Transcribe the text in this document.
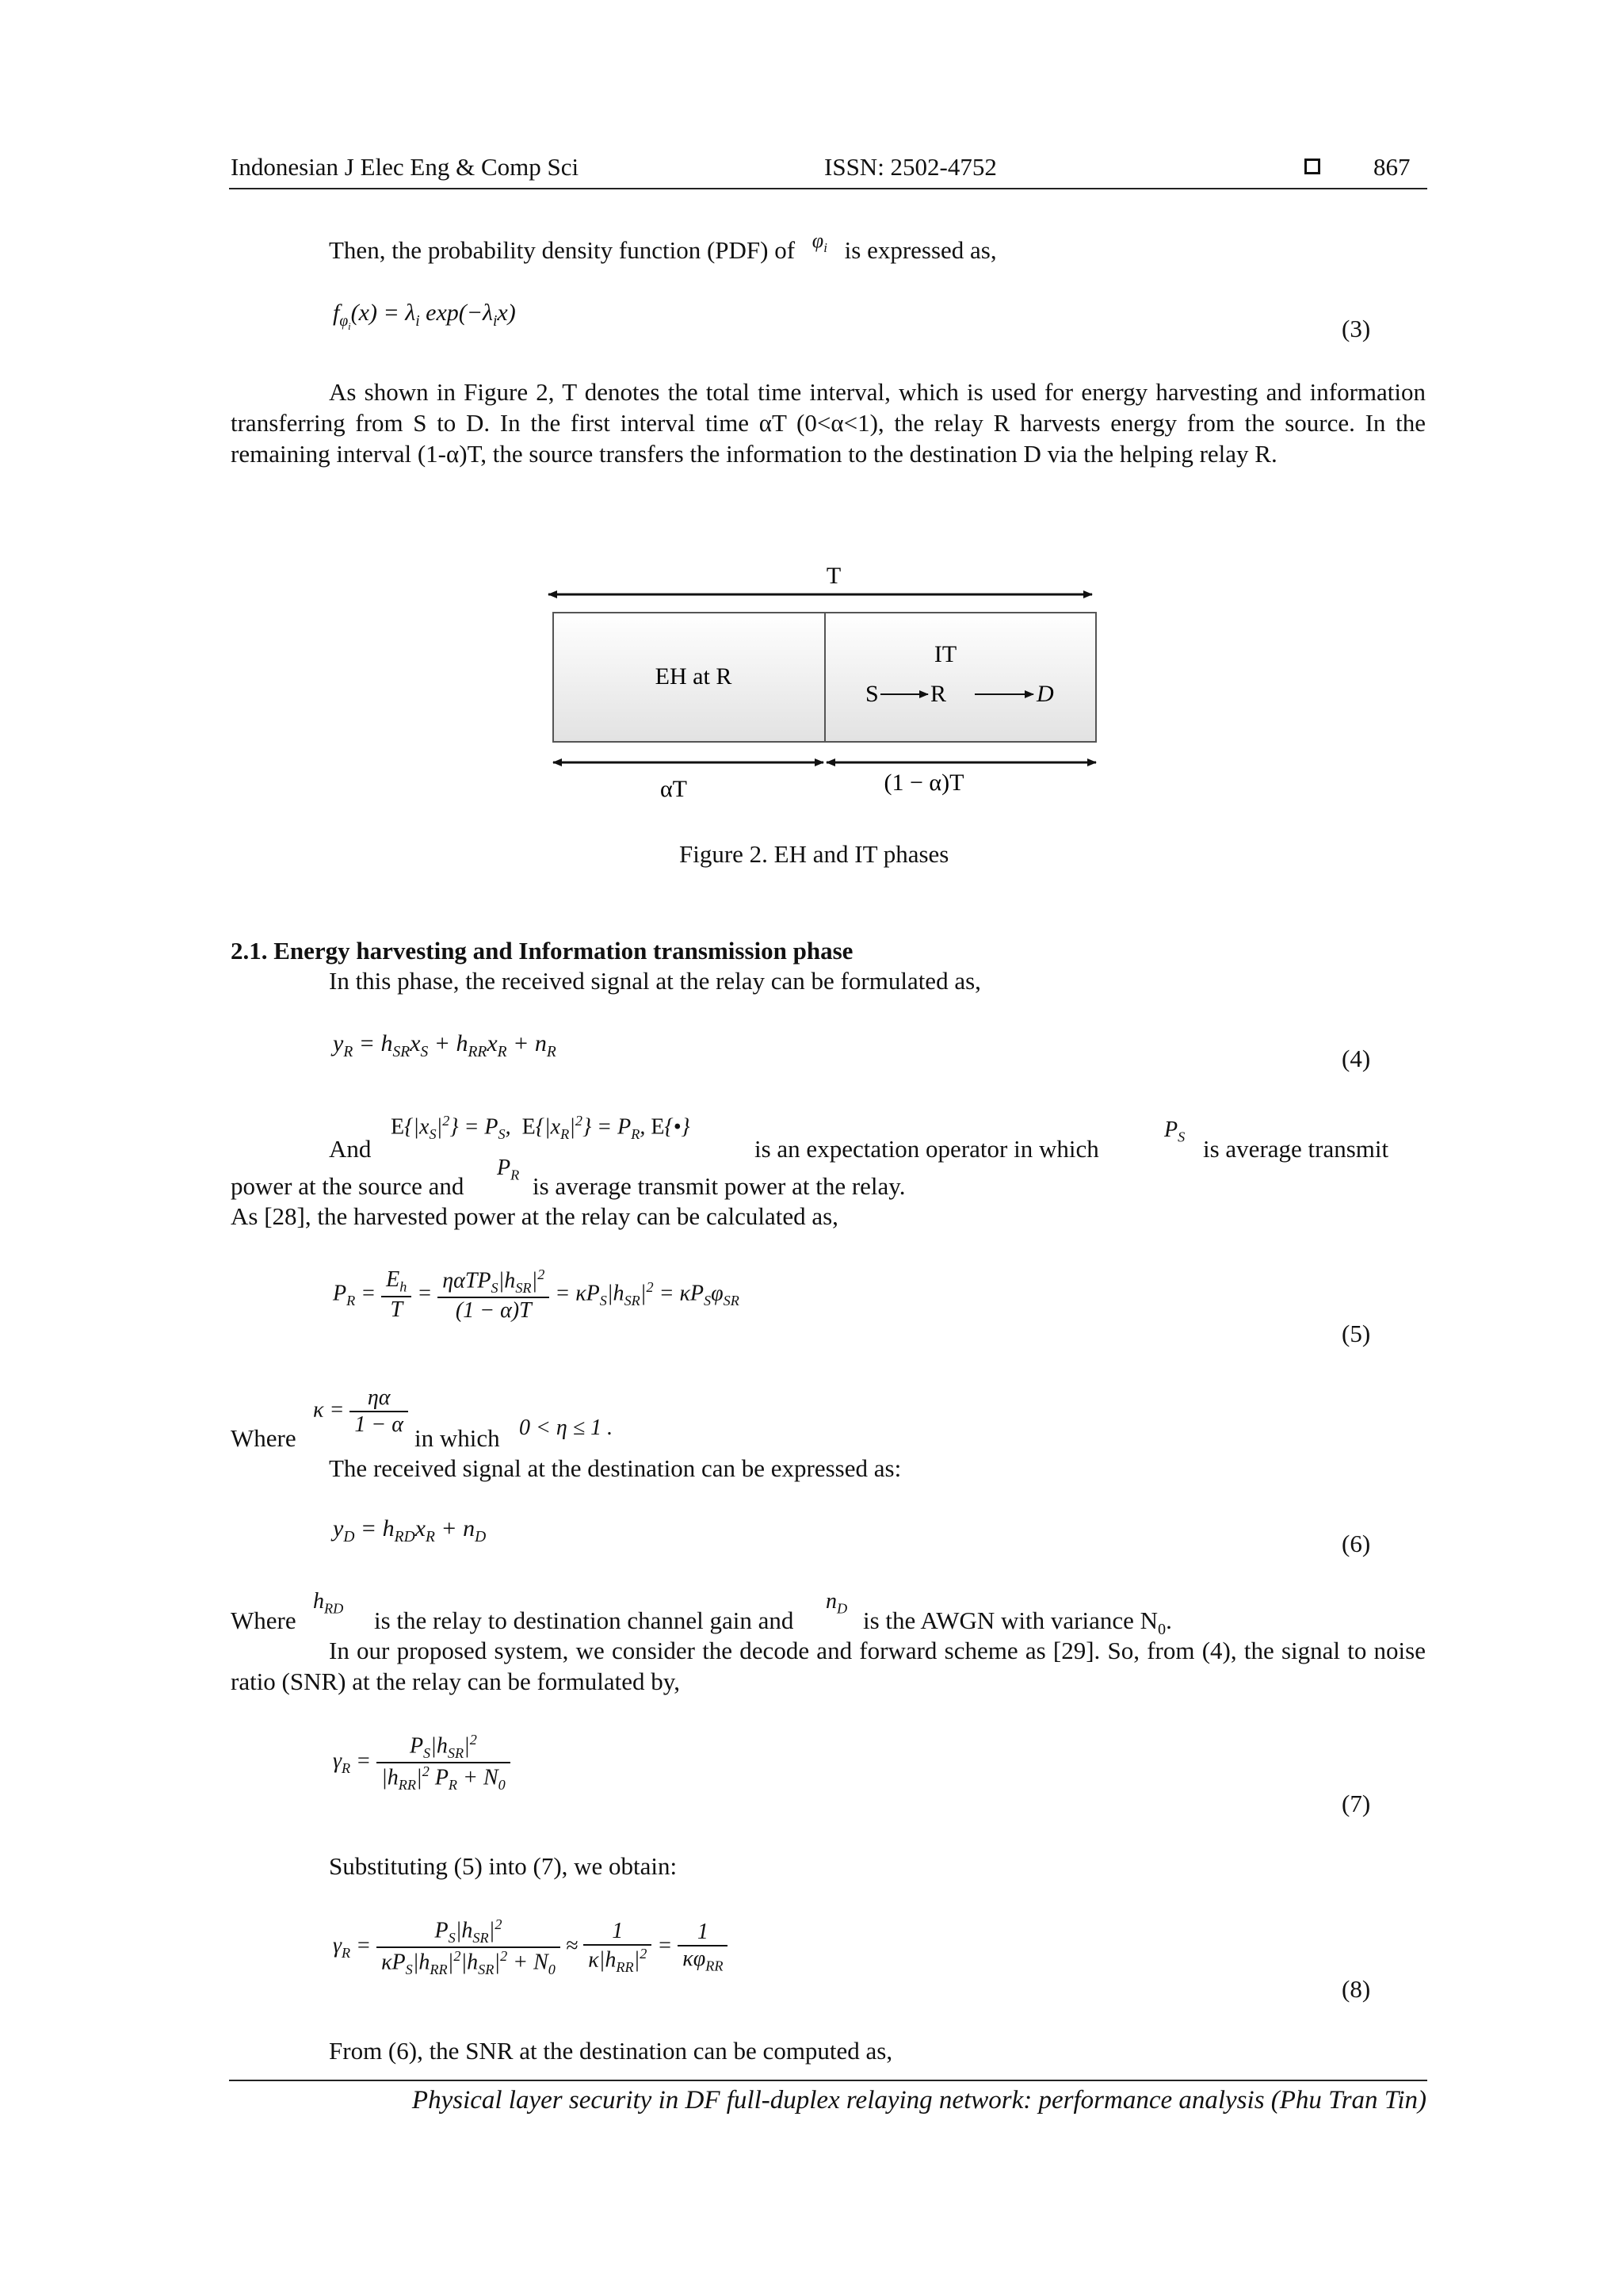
Indonesian J Elec Eng & Comp Sci	ISSN: 2502-4752	867
Then, the probability density function (PDF) of $^{\varphi_i}$ is expressed as,
$f_{\varphi_i}(x) = \lambda_i$ $\exp(-\lambda_ix)$
(3)
As shown in Figure 2, T denotes the total time interval, which is used for energy harvesting and information transferring from S to D. In the first interval time αT (0<α<1), the relay R harvests energy from the source. In the remaining interval (1-α)T, the source transfers the information to the destination D via the helping relay R.
T
EH at R
IT
S R	D
αT	(1 − α)T
Figure 2. EH and IT phases
2.1. Energy harvesting and Information transmission phase
In this phase, the received signal at the relay can be formulated as,
$y_R = h_{SR}x_S + h_{RR}x_R + n_R$	(4)
And
$E\{|x_S|^2\} = P_S$,  $E\{|x_R|^2\} = P_R$, E{•}
is an expectation operator in which
$P_S$ is average transmit
power at the source and
$P_R$ is average transmit power at the relay.
As [28], the harvested power at the relay can be calculated as,
$P_R = \frac{E_h}{T} = \frac{\eta\alpha TP_S|h_{SR}|^2}{(1 - \alpha)T} = \kappa P_S|h_{SR}|^2 = \kappa P_S\varphi_{SR}$
(5)
Where
$\kappa = \frac{\eta\alpha}{1 - \alpha}$
in which 0 < η ≤ 1 .
The received signal at the destination can be expressed as:
$y_D = h_{RD}x_R + n_D$	(6)
Where
$h_{RD}$ is the relay to destination channel gain and
$n_D$ is the AWGN with variance $N_0$.
In our proposed system, we consider the decode and forward scheme as [29]. So, from (4), the signal to noise ratio (SNR) at the relay can be formulated by,
$\gamma_R = \frac{P_S|h_{SR}|^2}{|h_{RR}|^2 P_R + N_0}$
(7)
Substituting (5) into (7), we obtain:
$\gamma_R = \frac{P_S|h_{SR}|^2}{\kappa P_S|h_{RR}|^2|h_{SR}|^2 + N_0} \approx \frac{1}{\kappa|h_{RR}|^2} = \frac{1}{\kappa\varphi_{RR}}$
(8)
From (6), the SNR at the destination can be computed as,
Physical layer security in DF full-duplex relaying network: performance analysis (Phu Tran Tin)
